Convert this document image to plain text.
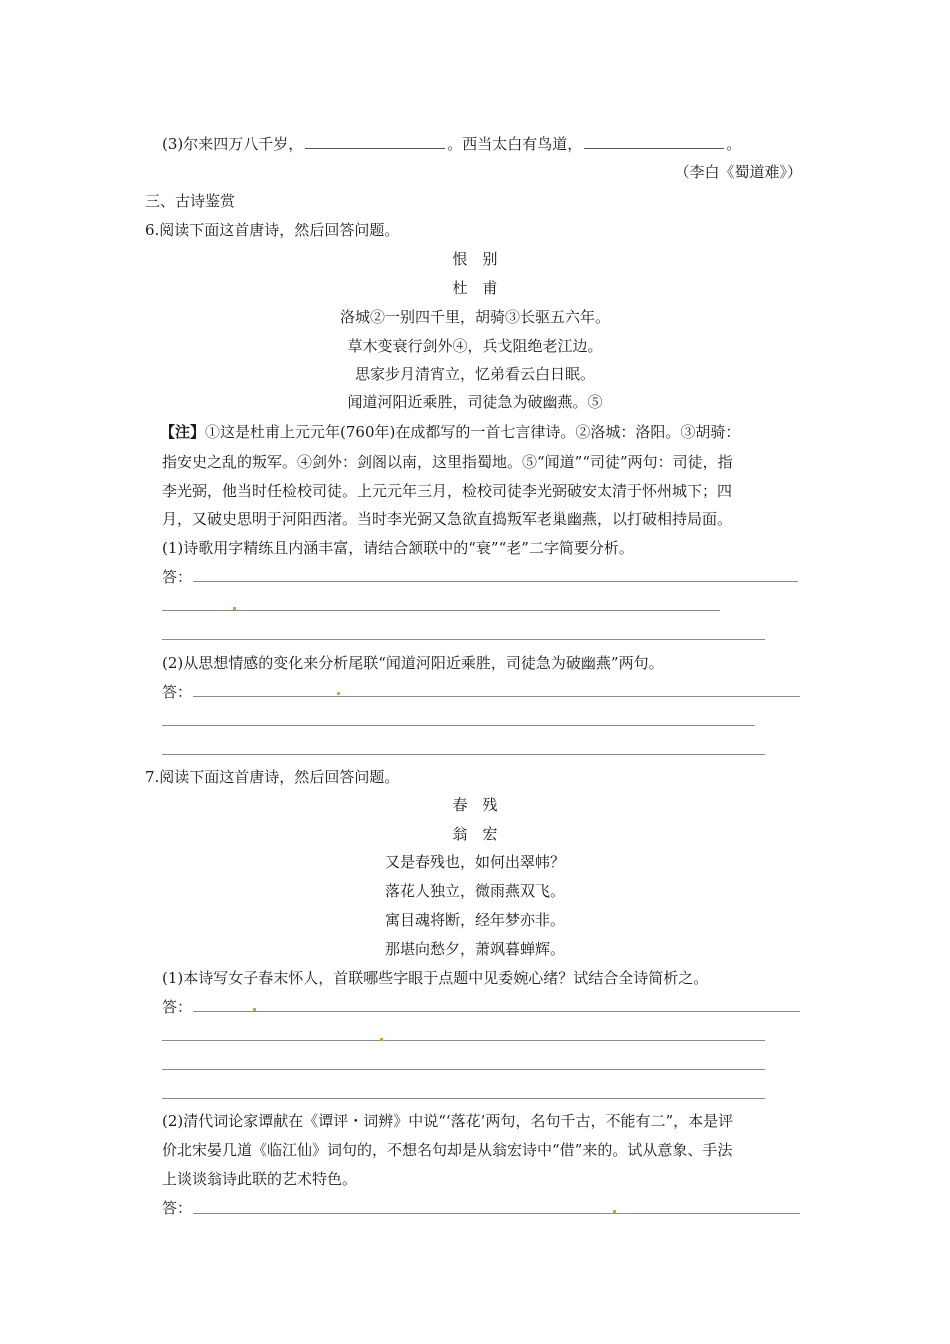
(3)尔来四万八千岁，	。西当太白有鸟道，	。
（李白《蜀道难》）
三、古诗鉴赏
6.阅读下面这首唐诗，然后回答问题。
恨　别
杜　甫
洛城②一别四千里，胡骑③长驱五六年。
草木变衰行剑外④，兵戈阻绝老江边。
思家步月清宵立，忆弟看云白日眠。
闻道河阳近乘胜，司徒急为破幽燕。⑤
【注】①这是杜甫上元元年(760年)在成都写的一首七言律诗。②洛城：洛阳。③胡骑：
指安史之乱的叛军。④剑外：剑阁以南，这里指蜀地。⑤“闻道”“司徒”两句：司徒，指
李光弼，他当时任检校司徒。上元元年三月，检校司徒李光弼破安太清于怀州城下；四
月，又破史思明于河阳西渚。当时李光弼又急欲直捣叛军老巢幽燕，以打破相持局面。
(1)诗歌用字精练且内涵丰富，请结合颔联中的“衰”“老”二字简要分析。
答：
(2)从思想情感的变化来分析尾联“闻道河阳近乘胜，司徒急为破幽燕”两句。
答：
7.阅读下面这首唐诗，然后回答问题。
春　残
翁　宏
又是春残也，如何出翠帏？
落花人独立，微雨燕双飞。
寓目魂将断，经年梦亦非。
那堪向愁夕，萧飒暮蝉辉。
(1)本诗写女子春末怀人，首联哪些字眼于点题中见委婉心绪？试结合全诗简析之。
答：
(2)清代词论家谭献在《谭评・词辨》中说“‘落花’两句，名句千古，不能有二”，本是评
价北宋晏几道《临江仙》词句的，不想名句却是从翁宏诗中“借”来的。试从意象、手法
上谈谈翁诗此联的艺术特色。
答：
